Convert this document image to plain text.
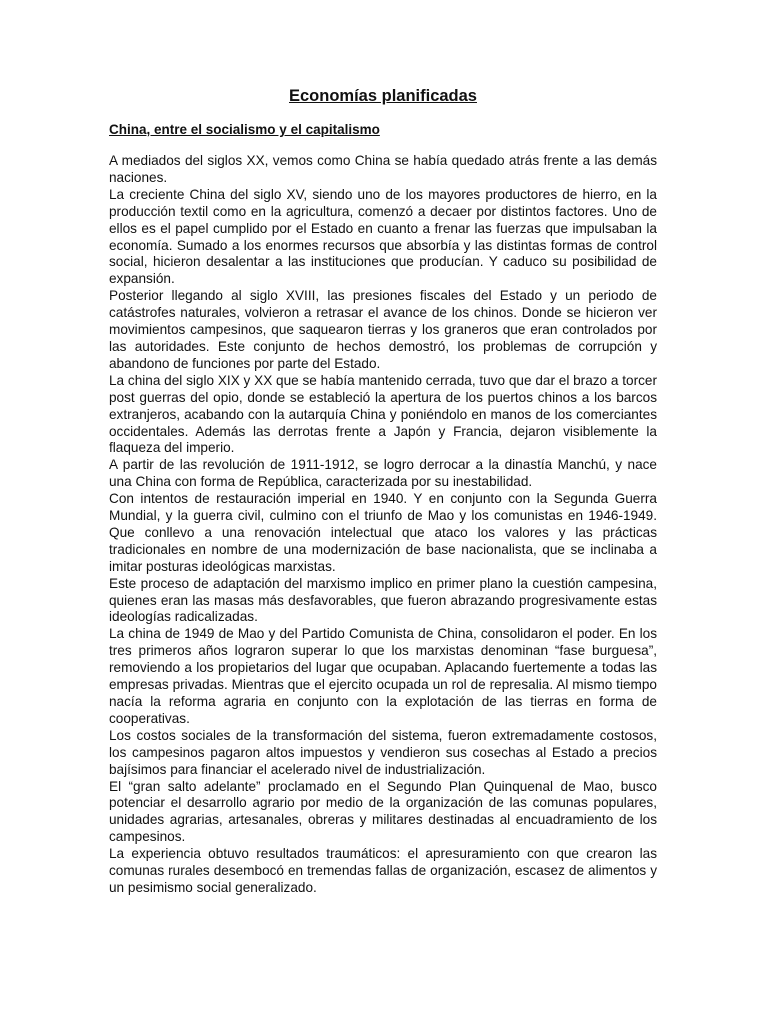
Economías planificadas
China, entre el socialismo y el capitalismo

A mediados del siglos XX, vemos como China se había quedado atrás frente a las demás naciones.

La creciente China del siglo XV, siendo uno de los mayores productores de hierro, en la producción textil como en la agricultura, comenzó a decaer por distintos factores. Uno de ellos es el papel cumplido por el Estado en cuanto a frenar las fuerzas que impulsaban la economía. Sumado a los enormes recursos que absorbía y las distintas formas de control social, hicieron desalentar a las instituciones que producían. Y caduco su posibilidad de expansión.

Posterior llegando al siglo XVIII, las presiones fiscales del Estado y un periodo de catástrofes naturales, volvieron a retrasar el avance de los chinos. Donde se hicieron ver movimientos campesinos, que saquearon tierras y los graneros que eran controlados por las autoridades. Este conjunto de hechos demostró, los problemas de corrupción y abandono de funciones por parte del Estado.

La china del siglo XIX y XX que se había mantenido cerrada, tuvo que dar el brazo a torcer post guerras del opio, donde se estableció la apertura de los puertos chinos a los barcos extranjeros, acabando con la autarquía China y poniéndolo en manos de los comerciantes occidentales. Además las derrotas frente a Japón y Francia, dejaron visiblemente la flaqueza del imperio.

A partir de las revolución de 1911-1912, se logro derrocar a la dinastía Manchú, y nace una China con forma de República, caracterizada por su inestabilidad.

Con intentos de restauración imperial en 1940. Y en conjunto con la Segunda Guerra Mundial, y la guerra civil, culmino con el triunfo de Mao y los comunistas en 1946-1949. Que conllevo a una renovación intelectual que ataco los valores y las prácticas tradicionales en nombre de una modernización de base nacionalista, que se inclinaba a imitar posturas ideológicas marxistas.

Este proceso de adaptación del marxismo implico en primer plano la cuestión campesina, quienes eran las masas más desfavorables, que fueron abrazando progresivamente estas ideologías radicalizadas.

La china de 1949 de Mao y del Partido Comunista de China, consolidaron el poder. En los tres primeros años lograron superar lo que los marxistas denominan “fase burguesa”, removiendo a los propietarios del lugar que ocupaban. Aplacando fuertemente a todas las empresas privadas. Mientras que el ejercito ocupada un rol de represalia. Al mismo tiempo nacía la reforma agraria en conjunto con la explotación de las tierras en forma de cooperativas.

Los costos sociales de la transformación del sistema, fueron extremadamente costosos, los campesinos pagaron altos impuestos y vendieron sus cosechas al Estado a precios bajísimos para financiar el acelerado nivel de industrialización.

El “gran salto adelante” proclamado en el Segundo Plan Quinquenal de Mao, busco potenciar el desarrollo agrario por medio de la organización de las comunas populares, unidades agrarias, artesanales, obreras y militares destinadas al encuadramiento de los campesinos.

La experiencia obtuvo resultados traumáticos: el apresuramiento con que crearon las comunas rurales desembocó en tremendas fallas de organización, escasez de alimentos y un pesimismo social generalizado.
